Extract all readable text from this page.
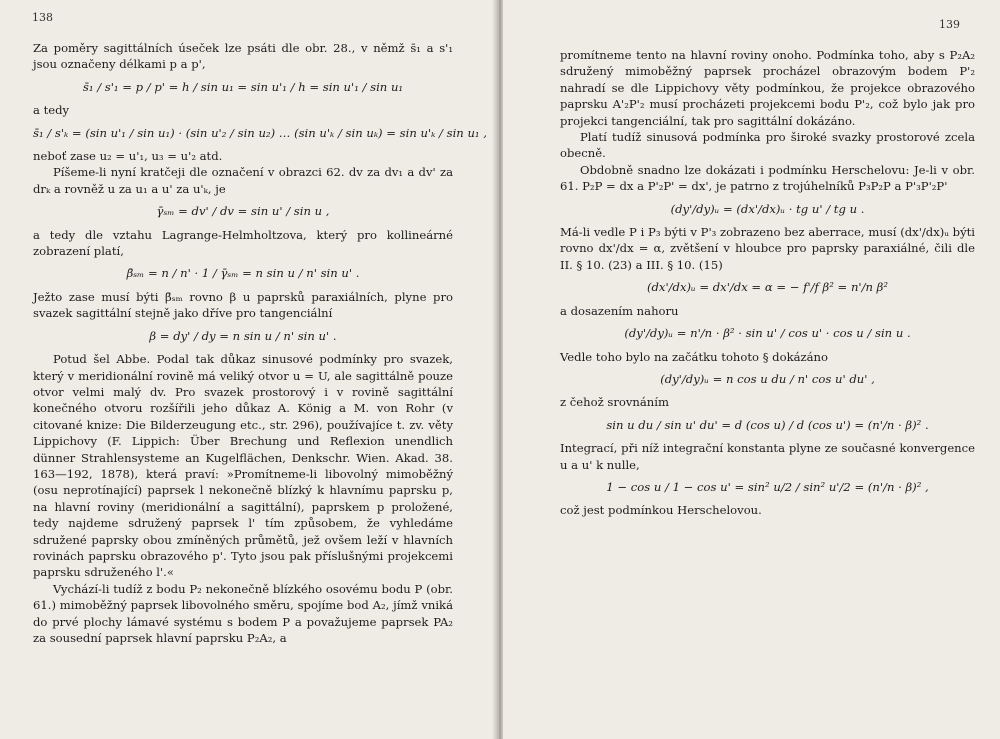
138

Za poměry sagittálních úseček lze psáti dle obr. 28., v němž s̄₁ a s'₁ jsou označeny délkami p a p',

s̄₁ / s'₁ = p / p' = h / sin u₁ = sin u'₁ / h = sin u'₁ / sin u₁

a tedy

s̄₁ / s'ₖ = (sin u'₁ / sin u₁) · (sin u'₂ / sin u₂) … (sin u'ₖ / sin uₖ) = sin u'ₖ / sin u₁ ,

neboť zase u₂ = u'₁, u₃ = u'₂ atd.

Píšeme-li nyní kratčeji dle označení v obrazci 62. dv za dv₁ a dv' za drₖ a rovněž u za u₁ a u' za u'ₖ, je

γ̄ₛₘ = dv' / dv = sin u' / sin u ,

a tedy dle vztahu Lagrange-Helmholtzova, který pro kollineárné zobrazení platí,

β̄ₛₘ = n / n' · 1 / γ̄ₛₘ = n sin u / n' sin u' .

Ježto zase musí býti β̄ₛₘ rovno β u paprsků paraxiálních, plyne pro svazek sagittální stejně jako dříve pro tangenciální

β = dy' / dy = n sin u / n' sin u' .

Potud šel Abbe. Podal tak důkaz sinusové podmínky pro svazek, který v meridionální rovině má veliký otvor u = U, ale sagittálně pouze otvor velmi malý dv. Pro svazek prostorový i v rovině sagittální konečného otvoru rozšířili jeho důkaz A. König a M. von Rohr (v citované knize: Die Bilderzeugung etc., str. 296), používajíce t. zv. věty Lippichovy (F. Lippich: Über Brechung und Reflexion unendlich dünner Strahlensysteme an Kugelflächen, Denkschr. Wien. Akad. 38. 163—192, 1878), která praví: »Promítneme-li libovolný mimoběžný (osu neprotínající) paprsek l nekonečně blízký k hlavnímu paprsku p, na hlavní roviny (meridionální a sagittální), paprskem p proložené, tedy najdeme sdružený paprsek l' tím způsobem, že vyhledáme sdružené paprsky obou zmíněných průmětů, jež ovšem leží v hlavních rovinách paprsku obrazového p'. Tyto jsou pak příslušnými projekcemi paprsku sdruženého l'.«

Vychází-li tudíž z bodu P₂ nekonečně blízkého osovému bodu P (obr. 61.) mimoběžný paprsek libovolného směru, spojíme bod A₂, jímž vniká do prvé plochy lámavé systému s bodem P a považujeme paprsek PA₂ za sousední paprsek hlavní paprsku P₂A₂, a

139

promítneme tento na hlavní roviny onoho. Podmínka toho, aby s P₂A₂ sdružený mimoběžný paprsek procházel obrazovým bodem P'₂ nahradí se dle Lippichovy věty podmínkou, že projekce obrazového paprsku A'₂P'₂ musí procházeti projekcemi bodu P'₂, což bylo jak pro projekci tangenciální, tak pro sagittální dokázáno.

Platí tudíž sinusová podmínka pro široké svazky prostorové zcela obecně.

Obdobně snadno lze dokázati i podmínku Herschelovu: Je-li v obr. 61. P₂P = dx a P'₂P' = dx', je patrno z trojúhelníků P₃P₂P a P'₃P'₂P'

(dy'/dy)ᵤ = (dx'/dx)ᵤ · tg u' / tg u .

Má-li vedle P i P₃ býti v P'₃ zobrazeno bez aberrace, musí (dx'/dx)ᵤ býti rovno dx'/dx = α, zvětšení v hloubce pro paprsky paraxiálné, čili dle II. § 10. (23) a III. § 10. (15)

(dx'/dx)ᵤ = dx'/dx = α = − f'/f β² = n'/n β²

a dosazením nahoru

(dy'/dy)ᵤ = n'/n · β² · sin u' / cos u' · cos u / sin u .

Vedle toho bylo na začátku tohoto § dokázáno

(dy'/dy)ᵤ = n cos u du / n' cos u' du' ,

z čehož srovnáním

sin u du / sin u' du' = d (cos u) / d (cos u') = (n'/n · β)² .

Integrací, při níž integrační konstanta plyne ze současné konvergence u a u' k nulle,

1 − cos u / 1 − cos u' = sin² u/2 / sin² u'/2 = (n'/n · β)² ,

což jest podmínkou Herschelovou.
